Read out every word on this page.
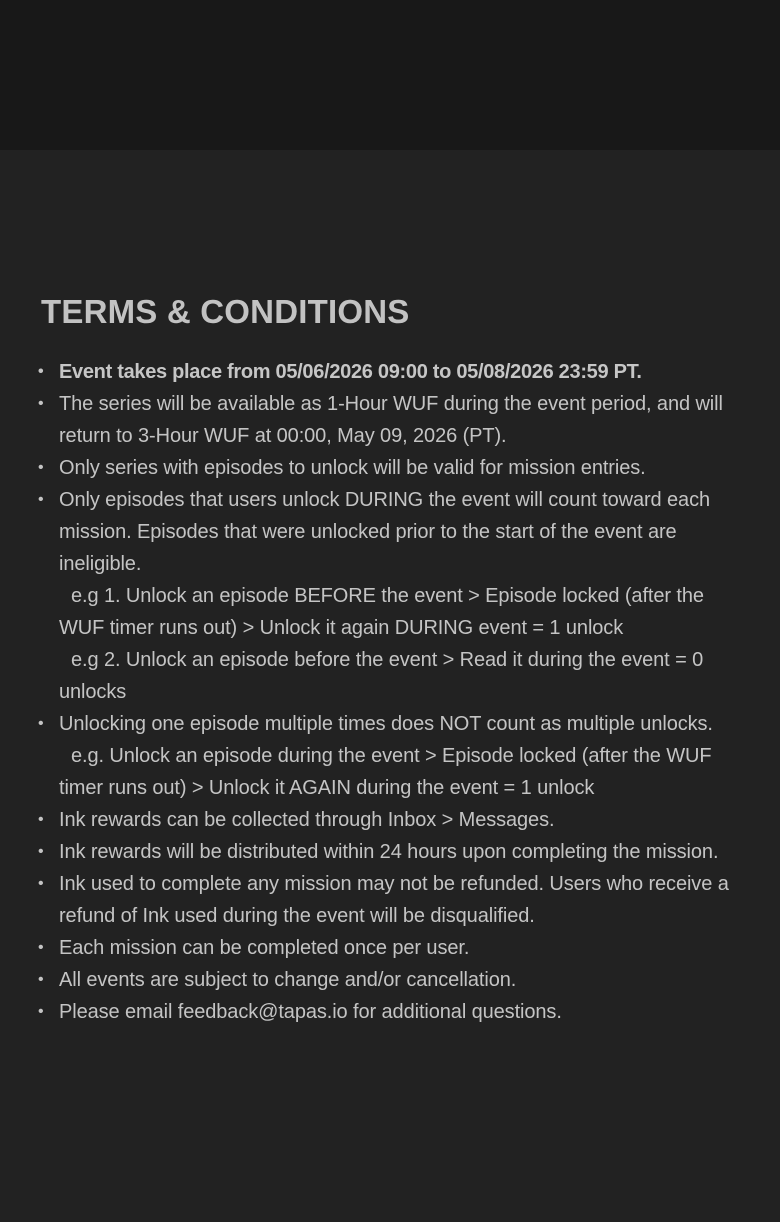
TERMS & CONDITIONS
• Event takes place from 05/06/2026 09:00 to 05/08/2026 23:59 PT.
• The series will be available as 1-Hour WUF during the event period, and will return to 3-Hour WUF at 00:00, May 09, 2026 (PT).
• Only series with episodes to unlock will be valid for mission entries.
• Only episodes that users unlock DURING the event will count toward each mission. Episodes that were unlocked prior to the start of the event are ineligible.
e.g 1. Unlock an episode BEFORE the event > Episode locked (after the WUF timer runs out) > Unlock it again DURING event = 1 unlock
e.g 2. Unlock an episode before the event > Read it during the event = 0 unlocks
• Unlocking one episode multiple times does NOT count as multiple unlocks.
e.g. Unlock an episode during the event > Episode locked (after the WUF timer runs out) > Unlock it AGAIN during the event = 1 unlock
• Ink rewards can be collected through Inbox > Messages.
• Ink rewards will be distributed within 24 hours upon completing the mission.
• Ink used to complete any mission may not be refunded. Users who receive a refund of Ink used during the event will be disqualified.
• Each mission can be completed once per user.
• All events are subject to change and/or cancellation.
• Please email feedback@tapas.io for additional questions.
